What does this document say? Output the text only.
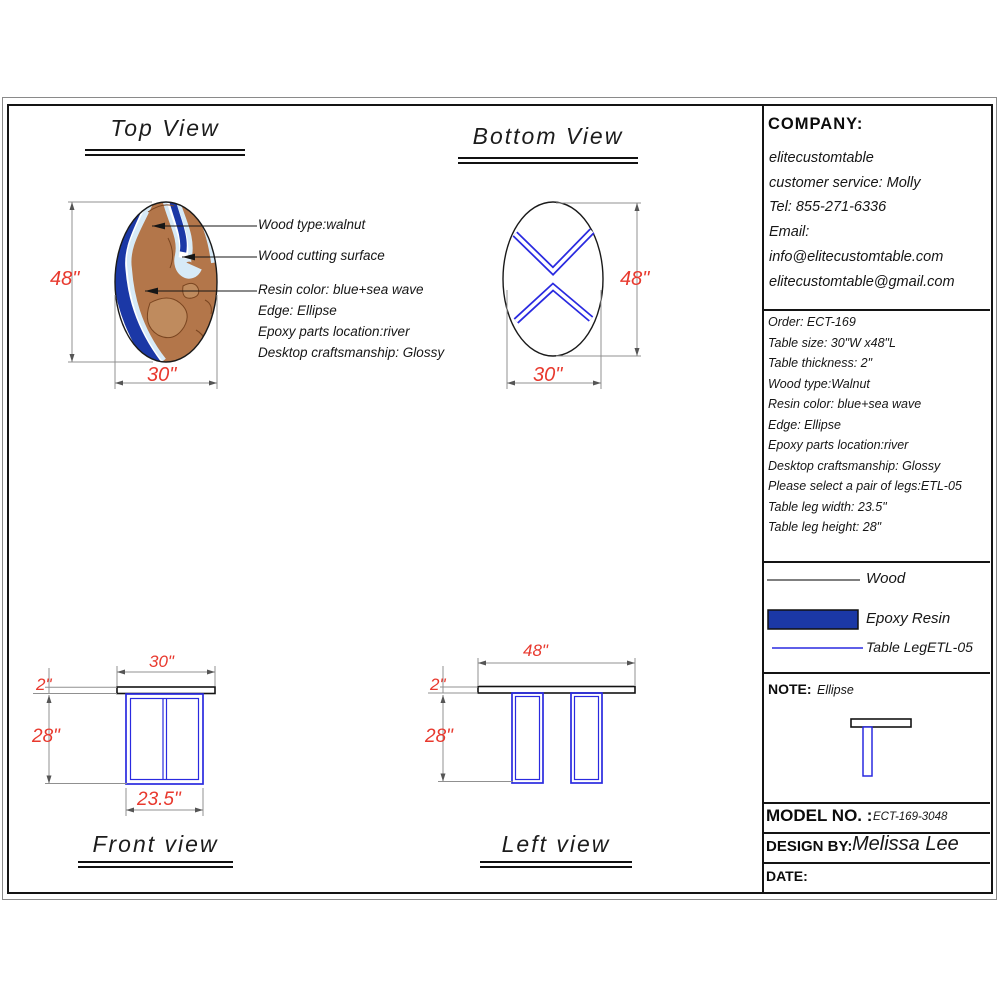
Top View	Bottom View
Front view	Left view
Wood type:walnut
Wood cutting surface
Resin color: blue+sea wave
Edge: Ellipse
Epoxy parts location:river
Desktop craftsmanship: Glossy
48"
30"
48"
30"
30"
2"
28"
23.5"
48"
2"
28"
COMPANY:
elitecustomtable
customer service: Molly
Tel: 855-271-6336
Email:
info@elitecustomtable.com
elitecustomtable@gmail.com
Order: ECT-169
Table size: 30"W x48"L
Table thickness: 2"
Wood type:Walnut
Resin color: blue+sea wave
Edge: Ellipse
Epoxy parts location:river
Desktop craftsmanship: Glossy
Please select a pair of legs:ETL-05
Table leg width: 23.5"
Table leg height: 28"
Wood
Epoxy Resin
Table LegETL-05
NOTE: Ellipse
MODEL NO. : ECT-169-3048
DESIGN BY: Melissa Lee
DATE:
